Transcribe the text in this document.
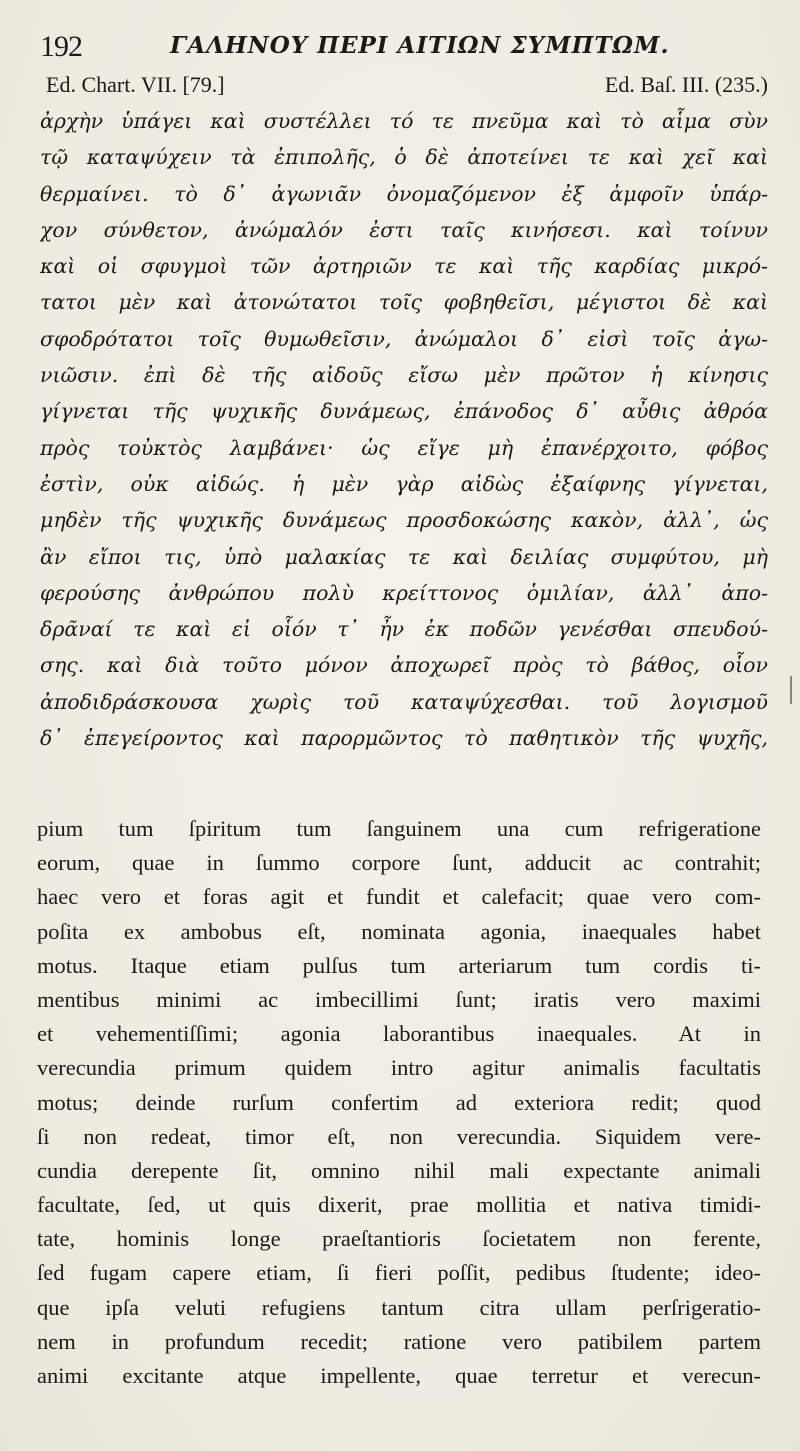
192	ΓΑΛΗΝΟΥ ΠΕΡΙ ΑΙΤΙΩΝ ΣΥΜΠΤΩΜ.
Ed. Chart. VII. [79.]	Ed. Baſ. III. (235.)
ἀρχὴν ὑπάγει καὶ συστέλλει τό τε πνεῦμα καὶ τὸ αἷμα σὺν
τῷ καταψύχειν τὰ ἐπιπολῆς, ὁ δὲ ἀποτείνει τε καὶ χεῖ καὶ
θερμαίνει. τὸ δ᾽ ἀγωνιᾶν ὀνομαζόμενον ἐξ ἀμφοῖν ὑπάρ-
χον σύνθετον, ἀνώμαλόν ἐστι ταῖς κινήσεσι. καὶ τοίνυν
καὶ οἱ σφυγμοὶ τῶν ἀρτηριῶν τε καὶ τῆς καρδίας μικρό-
τατοι μὲν καὶ ἀτονώτατοι τοῖς φοβηθεῖσι, μέγιστοι δὲ καὶ
σφοδρότατοι τοῖς θυμωθεῖσιν, ἀνώμαλοι δ᾽ εἰσὶ τοῖς ἀγω-
νιῶσιν. ἐπὶ δὲ τῆς αἰδοῦς εἴσω μὲν πρῶτον ἡ κίνησις
γίγνεται τῆς ψυχικῆς δυνάμεως, ἐπάνοδος δ᾽ αὖθις ἀθρόα
πρὸς τοὐκτὸς λαμβάνει· ὡς εἴγε μὴ ἐπανέρχοιτο, φόβος
ἐστὶν, οὐκ αἰδώς. ἡ μὲν γὰρ αἰδὼς ἐξαίφνης γίγνεται,
μηδὲν τῆς ψυχικῆς δυνάμεως προσδοκώσης κακὸν, ἀλλ᾽, ὡς
ἂν εἴποι τις, ὑπὸ μαλακίας τε καὶ δειλίας συμφύτου, μὴ
φερούσης ἀνθρώπου πολὺ κρείττονος ὁμιλίαν, ἀλλ᾽ ἀπο-
δρᾶναί τε καὶ εἰ οἷόν τ᾽ ἦν ἐκ ποδῶν γενέσθαι σπευδού-
σης. καὶ διὰ τοῦτο μόνον ἀποχωρεῖ πρὸς τὸ βάθος, οἷον
ἀποδιδράσκουσα χωρὶς τοῦ καταψύχεσθαι. τοῦ λογισμοῦ
δ᾽ ἐπεγείροντος καὶ παρορμῶντος τὸ παθητικὸν τῆς ψυχῆς,
pium tum ſpiritum tum ſanguinem una cum refrigeratione
eorum, quae in ſummo corpore ſunt, adducit ac contrahit;
haec vero et foras agit et fundit et calefacit; quae vero com-
poſita ex ambobus eſt, nominata agonia, inaequales habet
motus. Itaque etiam pulſus tum arteriarum tum cordis ti-
mentibus minimi ac imbecillimi ſunt; iratis vero maximi
et vehementiſſimi; agonia laborantibus inaequales. At in
verecundia primum quidem intro agitur animalis facultatis
motus; deinde rurſum confertim ad exteriora redit; quod
ſi non redeat, timor eſt, non verecundia. Siquidem vere-
cundia derepente ſit, omnino nihil mali expectante animali
facultate, ſed, ut quis dixerit, prae mollitia et nativa timidi-
tate, hominis longe praeſtantioris ſocietatem non ferente,
ſed fugam capere etiam, ſi fieri poſſit, pedibus ſtudente; ideo-
que ipſa veluti refugiens tantum citra ullam perſrigeratio-
nem in profundum recedit; ratione vero patibilem partem
animi excitante atque impellente, quae terretur et verecun-
